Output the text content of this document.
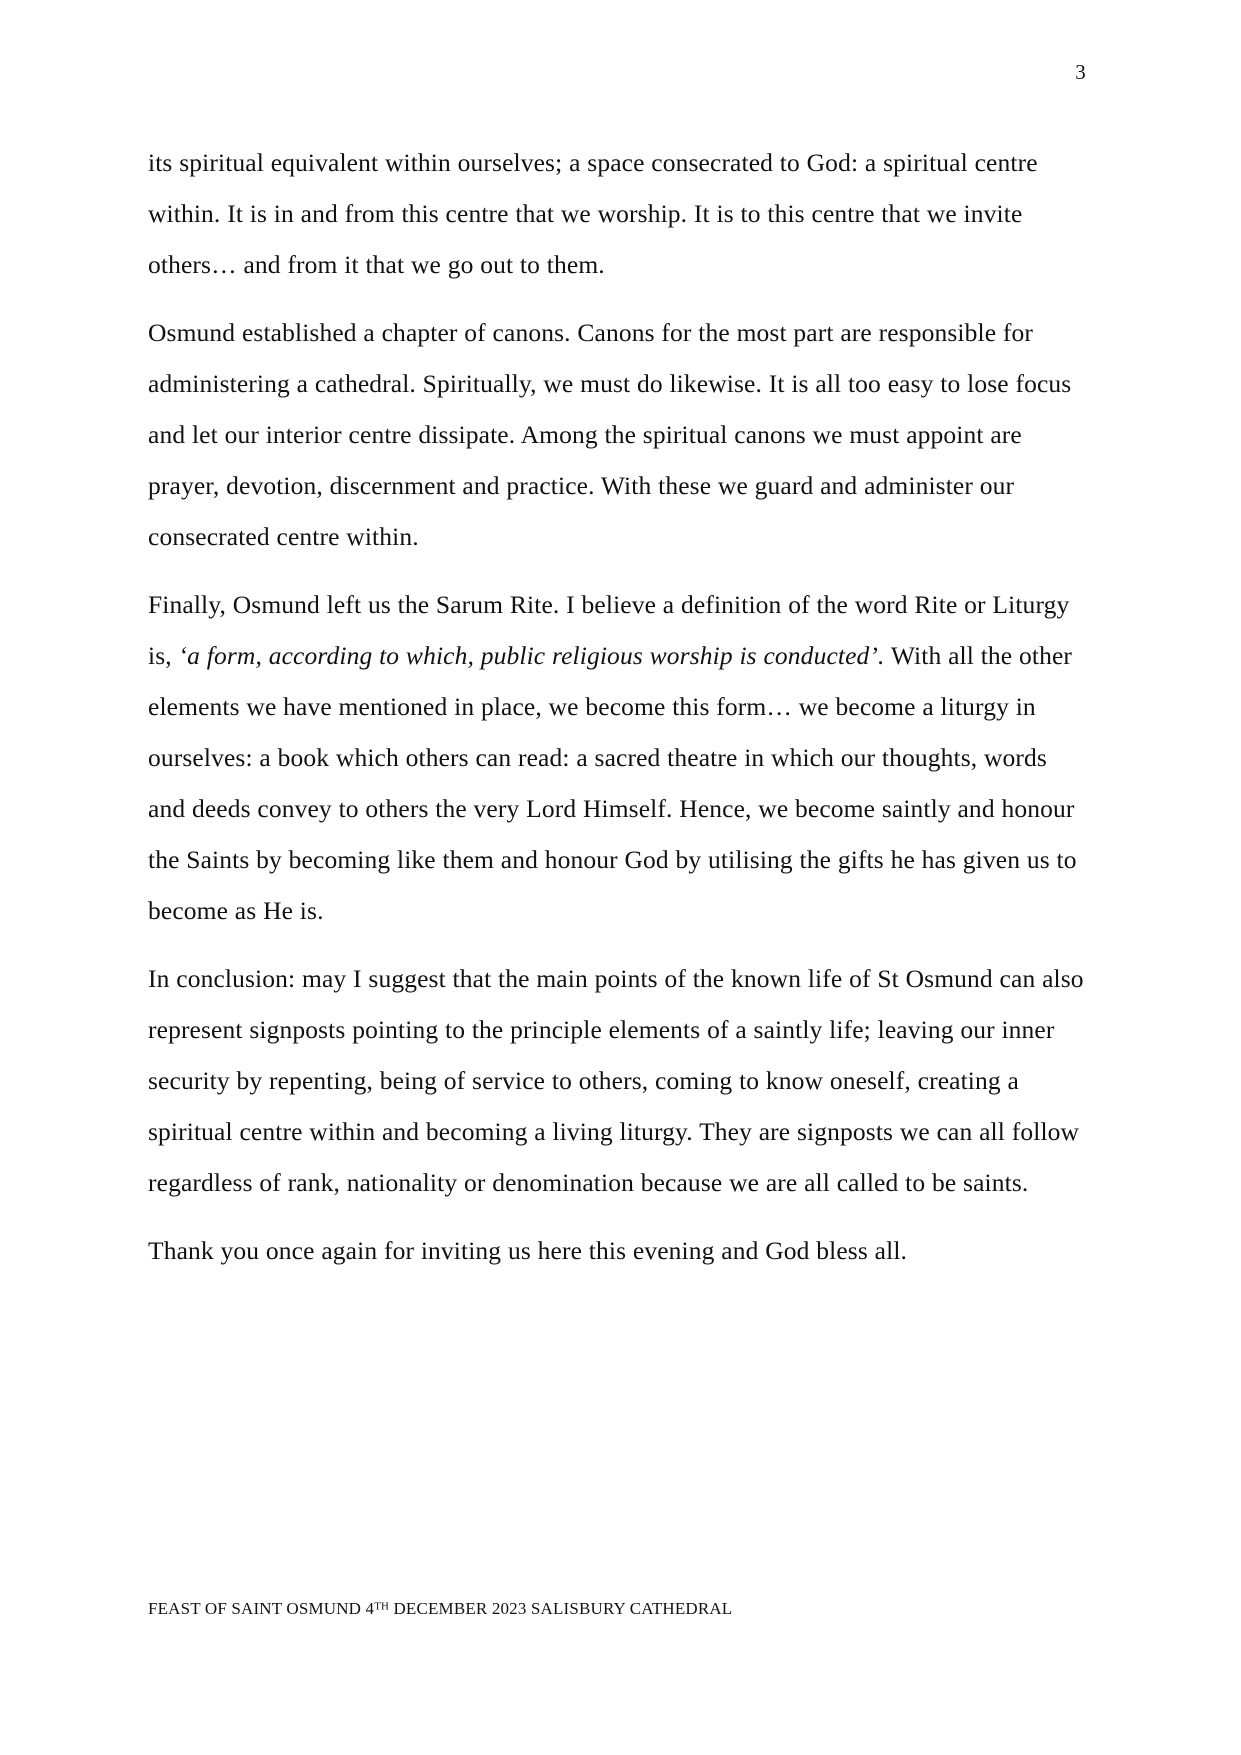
3

its spiritual equivalent within ourselves; a space consecrated to God: a spiritual centre within. It is in and from this centre that we worship. It is to this centre that we invite others… and from it that we go out to them.

Osmund established a chapter of canons. Canons for the most part are responsible for administering a cathedral. Spiritually, we must do likewise. It is all too easy to lose focus and let our interior centre dissipate. Among the spiritual canons we must appoint are prayer, devotion, discernment and practice. With these we guard and administer our consecrated centre within.

Finally, Osmund left us the Sarum Rite. I believe a definition of the word Rite or Liturgy is, ‘a form, according to which, public religious worship is conducted’. With all the other elements we have mentioned in place, we become this form… we become a liturgy in ourselves: a book which others can read: a sacred theatre in which our thoughts, words and deeds convey to others the very Lord Himself. Hence, we become saintly and honour the Saints by becoming like them and honour God by utilising the gifts he has given us to become as He is.

In conclusion: may I suggest that the main points of the known life of St Osmund can also represent signposts pointing to the principle elements of a saintly life; leaving our inner security by repenting, being of service to others, coming to know oneself, creating a spiritual centre within and becoming a living liturgy. They are signposts we can all follow regardless of rank, nationality or denomination because we are all called to be saints.

Thank you once again for inviting us here this evening and God bless all.

FEAST OF SAINT OSMUND 4TH DECEMBER 2023 SALISBURY CATHEDRAL
